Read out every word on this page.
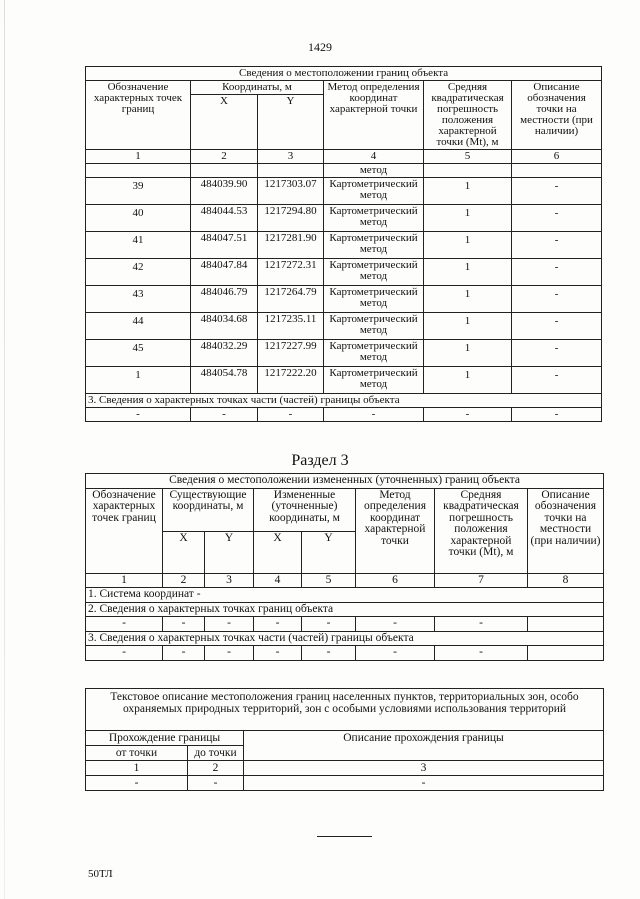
1429
Сведения о местоположении границ объекта					
Обозначение характерных точек границ	Координаты, м		Метод определения координат характерной точки	Средняя квадратическая погрешность положения характерной точки (Mt), м	Описание обозначения точки на местности (при наличии)
	X	Y			
1	2	3	4	5	6
			метод		
39	484039.90	1217303.07	Картометрический метод	1	-
40	484044.53	1217294.80	Картометрический метод	1	-
41	484047.51	1217281.90	Картометрический метод	1	-
42	484047.84	1217272.31	Картометрический метод	1	-
43	484046.79	1217264.79	Картометрический метод	1	-
44	484034.68	1217235.11	Картометрический метод	1	-
45	484032.29	1217227.99	Картометрический метод	1	-
1	484054.78	1217222.20	Картометрический метод	1	-
3. Сведения о характерных точках части (частей) границы объекта					
-	-	-	-	-	-
Раздел 3
Сведения о местоположении измененных (уточненных) границ объекта							
Обозначение характерных точек границ	Существующие координаты, м		Измененные (уточненные) координаты, м		Метод определения координат характерной точки	Средняя квадратическая погрешность положения характерной точки (Mt), м	Описание обозначения точки на местности (при наличии)
	X	Y	X	Y			
1	2	3	4	5	6	7	8
1. Система координат -							
2. Сведения о характерных точках границ объекта							
-	-	-	-	-	-	-	
3. Сведения о характерных точках части (частей) границы объекта							
-	-	-	-	-	-	-	
Текстовое описание местоположения границ населенных пунктов, территориальных зон, особо охраняемых природных территорий, зон с особыми условиями использования территорий		
Прохождение границы		Описание прохождения границы
от точки	до точки	
1	2	3
-	-	-
50ТЛ
